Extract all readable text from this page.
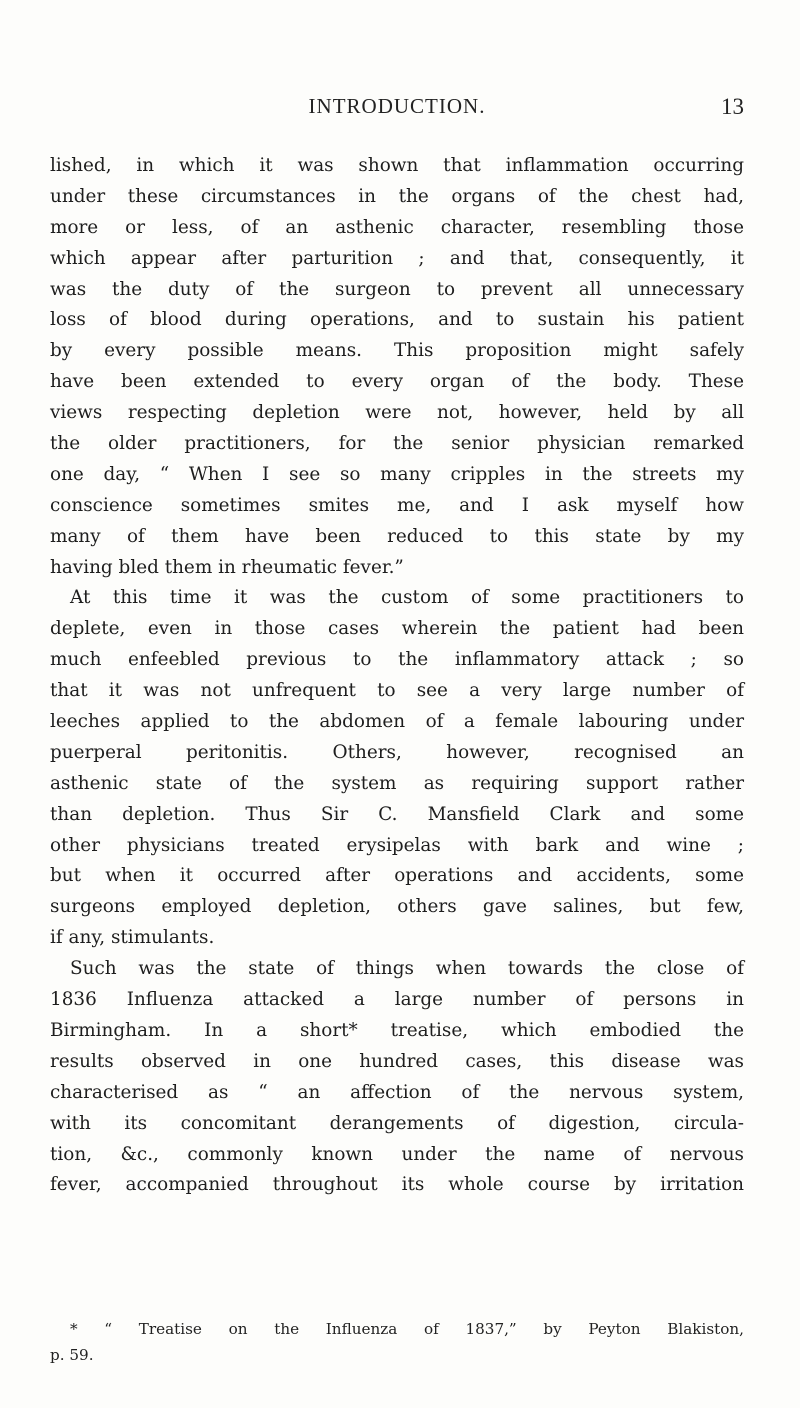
INTRODUCTION.	13
lished, in which it was shown that inflammation occurring
under these circumstances in the organs of the chest had,
more or less, of an asthenic character, resembling those
which appear after parturition ; and that, consequently, it
was the duty of the surgeon to prevent all unnecessary
loss of blood during operations, and to sustain his patient
by every possible means. This proposition might safely
have been extended to every organ of the body. These
views respecting depletion were not, however, held by all
the older practitioners, for the senior physician remarked
one day, “ When I see so many cripples in the streets my
conscience sometimes smites me, and I ask myself how
many of them have been reduced to this state by my
having bled them in rheumatic fever.”
At this time it was the custom of some practitioners to
deplete, even in those cases wherein the patient had been
much enfeebled previous to the inflammatory attack ; so
that it was not unfrequent to see a very large number of
leeches applied to the abdomen of a female labouring under
puerperal peritonitis. Others, however, recognised an
asthenic state of the system as requiring support rather
than depletion. Thus Sir C. Mansfield Clark and some
other physicians treated erysipelas with bark and wine ;
but when it occurred after operations and accidents, some
surgeons employed depletion, others gave salines, but few,
if any, stimulants.
Such was the state of things when towards the close of
1836 Influenza attacked a large number of persons in
Birmingham. In a short* treatise, which embodied the
results observed in one hundred cases, this disease was
characterised as “ an affection of the nervous system,
with its concomitant derangements of digestion, circula-
tion, &c., commonly known under the name of nervous
fever, accompanied throughout its whole course by irritation
* “ Treatise on the Influenza of 1837,” by Peyton Blakiston,
p. 59.
